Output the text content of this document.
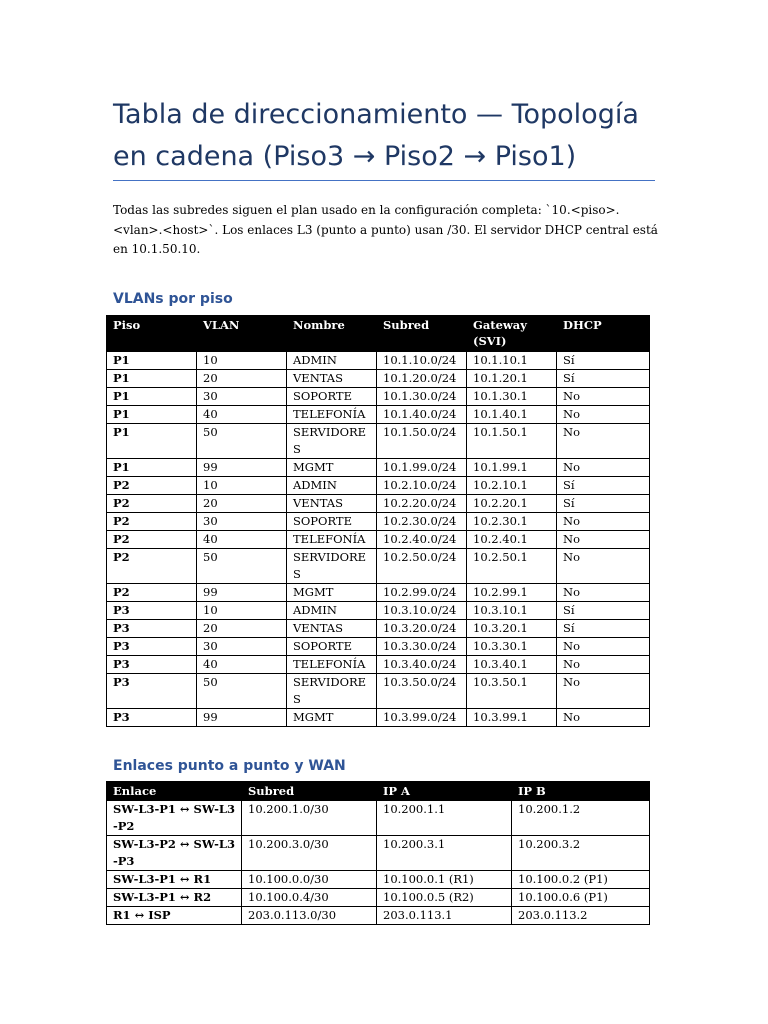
Tabla de direccionamiento — Topología en cadena (Piso3 → Piso2 → Piso1)

Todas las subredes siguen el plan usado en la configuración completa: `10.<piso>.<vlan>.<host>`. Los enlaces L3 (punto a punto) usan /30. El servidor DHCP central está en 10.1.50.10.

VLANs por piso
Piso	VLAN	Nombre	Subred	Gateway (SVI)	DHCP
P1	10	ADMIN	10.1.10.0/24	10.1.10.1	Sí
P1	20	VENTAS	10.1.20.0/24	10.1.20.1	Sí
P1	30	SOPORTE	10.1.30.0/24	10.1.30.1	No
P1	40	TELEFONÍA	10.1.40.0/24	10.1.40.1	No
P1	50	SERVIDORES	10.1.50.0/24	10.1.50.1	No
P1	99	MGMT	10.1.99.0/24	10.1.99.1	No
P2	10	ADMIN	10.2.10.0/24	10.2.10.1	Sí
P2	20	VENTAS	10.2.20.0/24	10.2.20.1	Sí
P2	30	SOPORTE	10.2.30.0/24	10.2.30.1	No
P2	40	TELEFONÍA	10.2.40.0/24	10.2.40.1	No
P2	50	SERVIDORES	10.2.50.0/24	10.2.50.1	No
P2	99	MGMT	10.2.99.0/24	10.2.99.1	No
P3	10	ADMIN	10.3.10.0/24	10.3.10.1	Sí
P3	20	VENTAS	10.3.20.0/24	10.3.20.1	Sí
P3	30	SOPORTE	10.3.30.0/24	10.3.30.1	No
P3	40	TELEFONÍA	10.3.40.0/24	10.3.40.1	No
P3	50	SERVIDORES	10.3.50.0/24	10.3.50.1	No
P3	99	MGMT	10.3.99.0/24	10.3.99.1	No
Enlaces punto a punto y WAN
Enlace	Subred	IP A	IP B
SW-L3-P1 ↔ SW-L3-P2	10.200.1.0/30	10.200.1.1	10.200.1.2
SW-L3-P2 ↔ SW-L3-P3	10.200.3.0/30	10.200.3.1	10.200.3.2
SW-L3-P1 ↔ R1	10.100.0.0/30	10.100.0.1 (R1)	10.100.0.2 (P1)
SW-L3-P1 ↔ R2	10.100.0.4/30	10.100.0.5 (R2)	10.100.0.6 (P1)
R1 ↔ ISP	203.0.113.0/30	203.0.113.1	203.0.113.2
